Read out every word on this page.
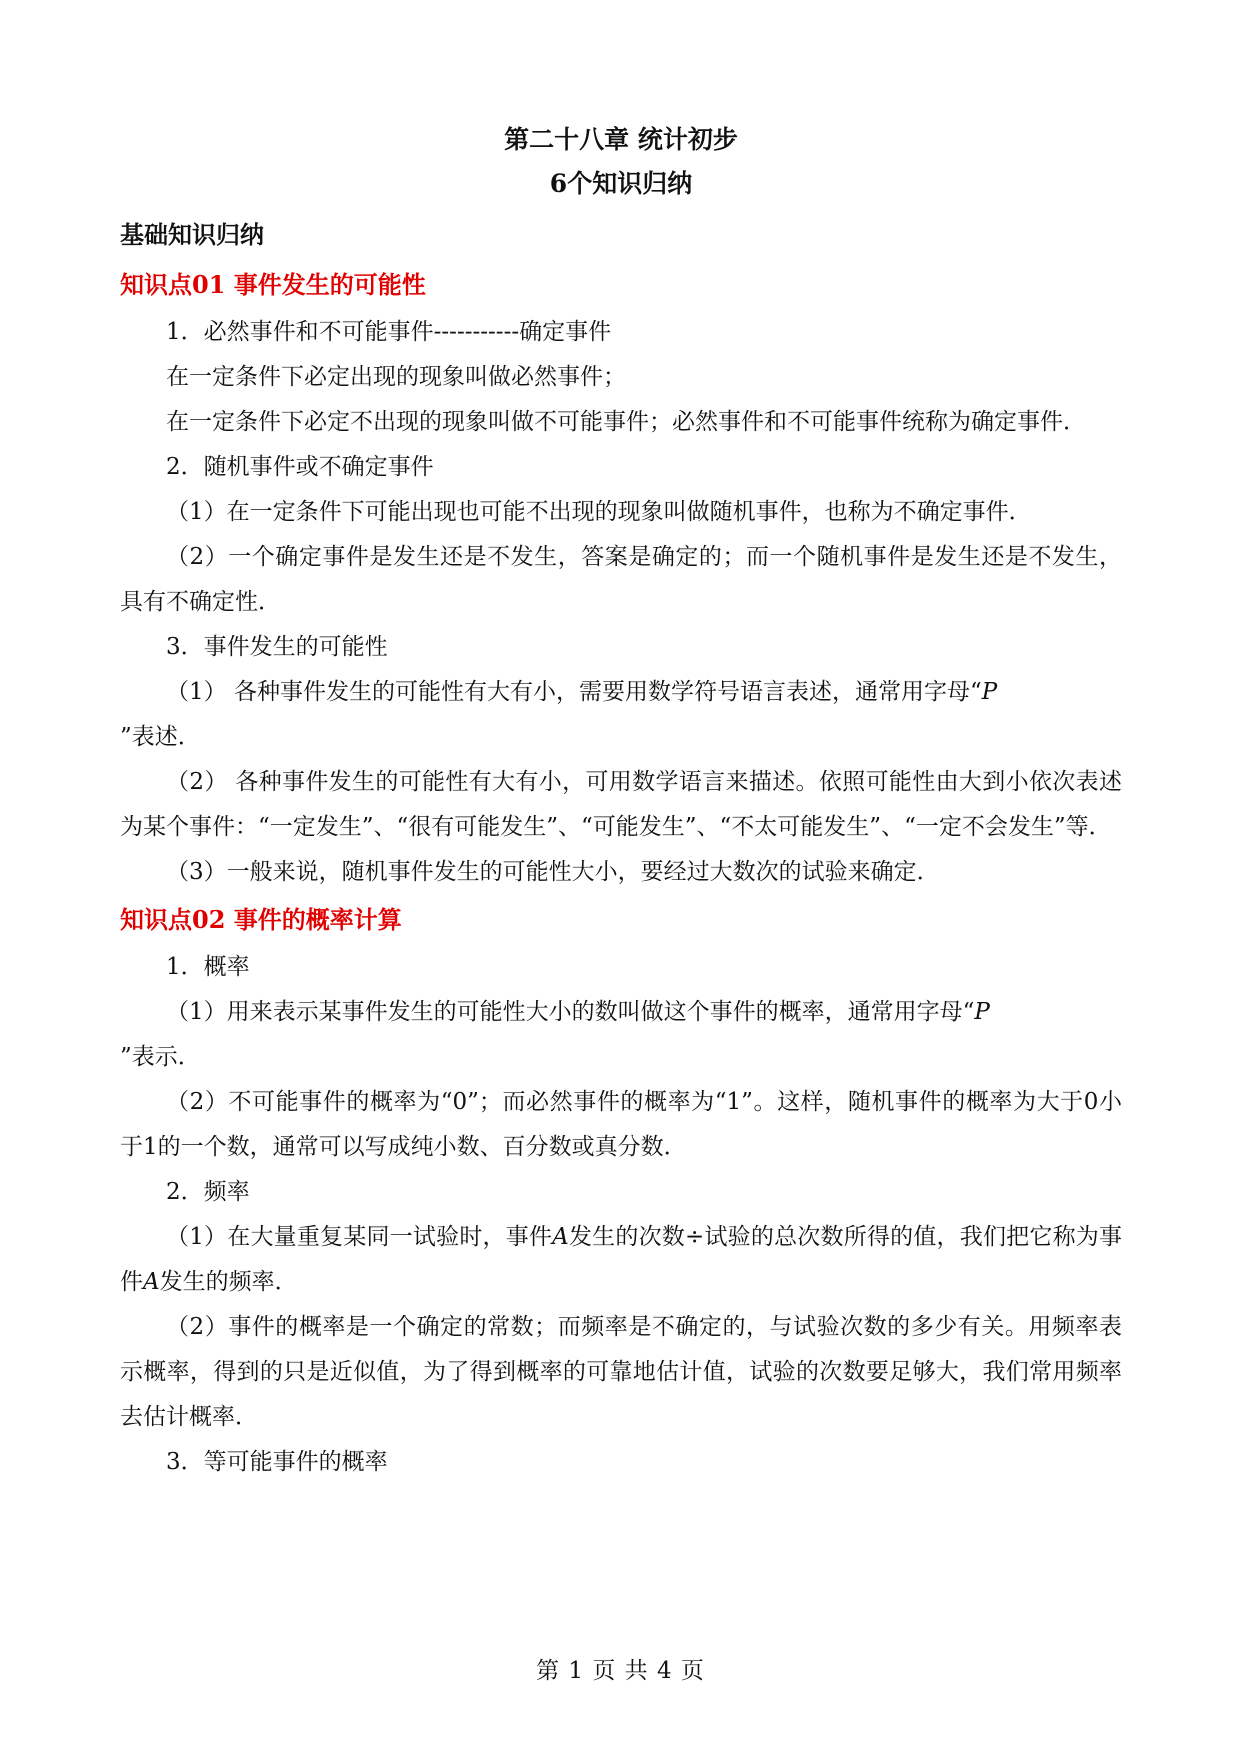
第二十八章 统计初步
6个知识归纳
基础知识归纳
知识点01 事件发生的可能性

1．必然事件和不可能事件-----------确定事件

在一定条件下必定出现的现象叫做必然事件；

在一定条件下必定不出现的现象叫做不可能事件；必然事件和不可能事件统称为确定事件．

2．随机事件或不确定事件

（1）在一定条件下可能出现也可能不出现的现象叫做随机事件，也称为不确定事件．

（2）一个确定事件是发生还是不发生，答案是确定的；而一个随机事件是发生还是不发生，具有不确定性．

3．事件发生的可能性

（1） 各种事件发生的可能性有大有小，需要用数学符号语言表述，通常用字母“P
”表述．

（2） 各种事件发生的可能性有大有小，可用数学语言来描述。依照可能性由大到小依次表述为某个事件：“一定发生”、“很有可能发生”、“可能发生”、“不太可能发生”、“一定不会发生”等．

（3）一般来说，随机事件发生的可能性大小，要经过大数次的试验来确定．

知识点02 事件的概率计算

1．概率

（1）用来表示某事件发生的可能性大小的数叫做这个事件的概率，通常用字母“P
”表示．

（2）不可能事件的概率为“0”；而必然事件的概率为“1”。这样，随机事件的概率为大于0小于1的一个数，通常可以写成纯小数、百分数或真分数．

2．频率

（1）在大量重复某同一试验时，事件A发生的次数÷试验的总次数所得的值，我们把它称为事件A发生的频率．

（2）事件的概率是一个确定的常数；而频率是不确定的，与试验次数的多少有关。用频率表示概率，得到的只是近似值，为了得到概率的可靠地估计值，试验的次数要足够大，我们常用频率去估计概率．

3．等可能事件的概率

第 1 页 共 4 页
